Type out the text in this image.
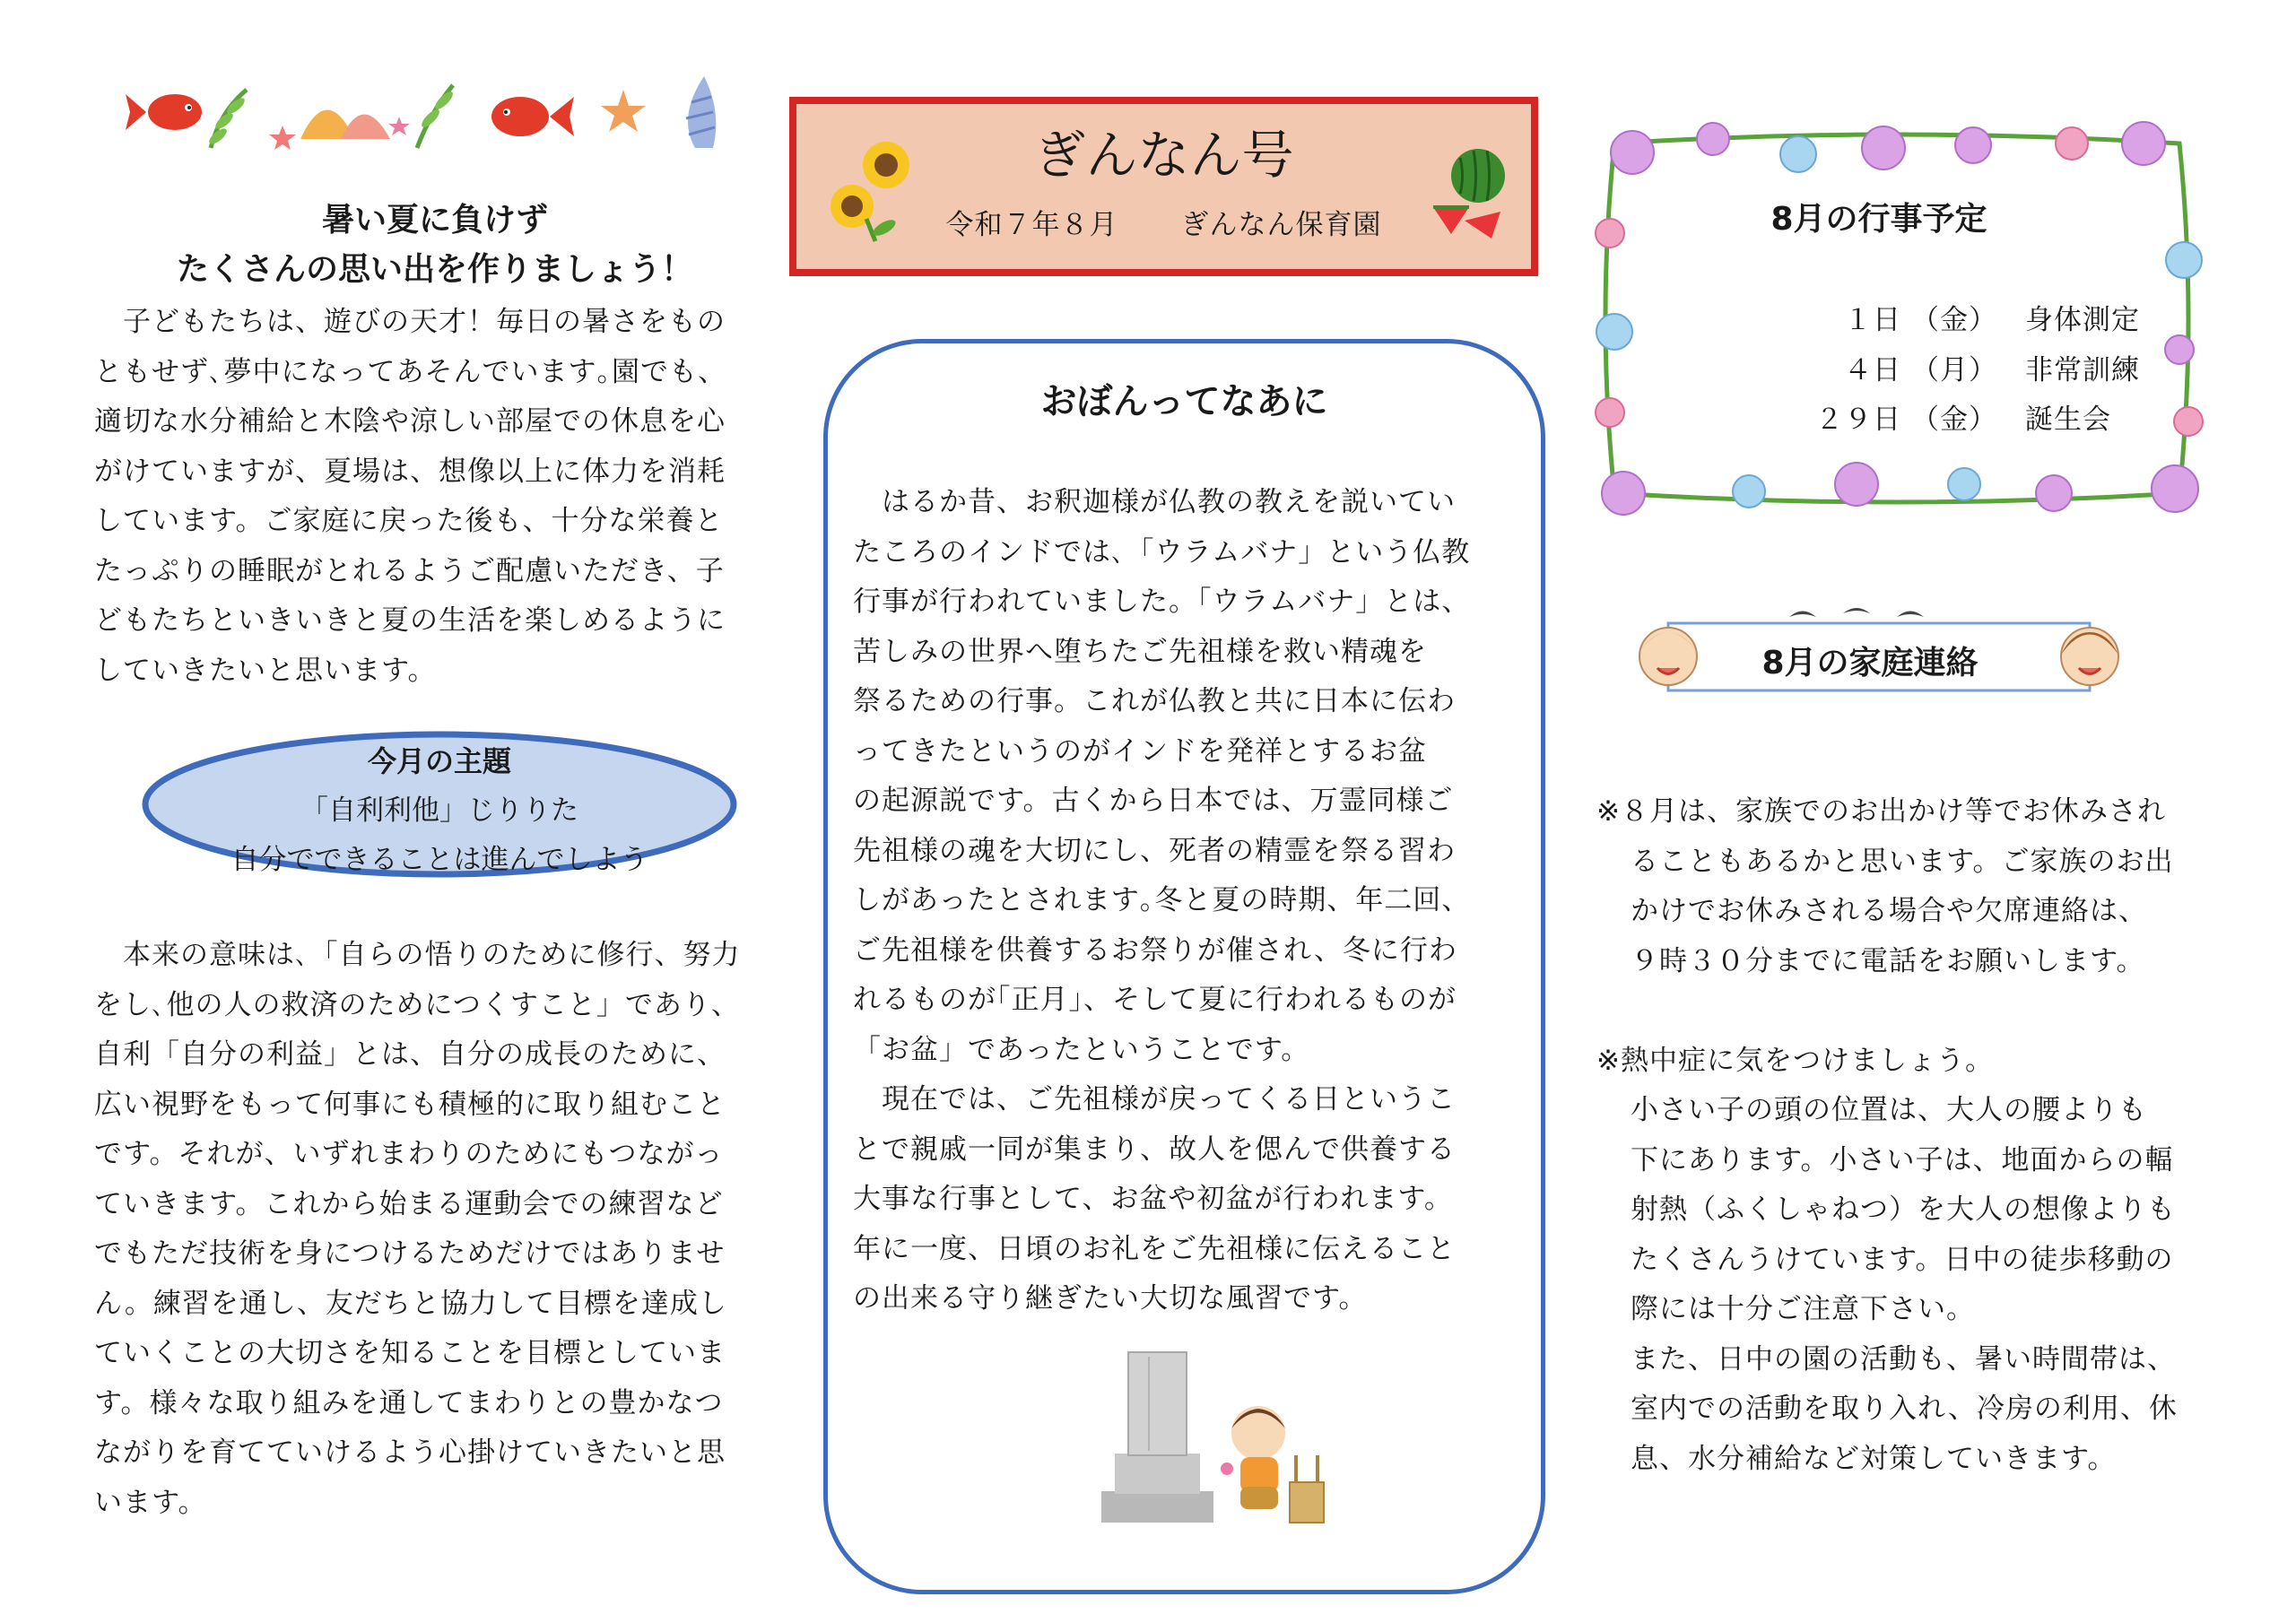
暑い夏に負けず
たくさんの思い出を作りましょう！
　子どもたちは、遊びの天才！毎日の暑さをもの
ともせず､夢中になってあそんでいます｡園でも、
適切な水分補給と木陰や涼しい部屋での休息を心
がけていますが、夏場は、想像以上に体力を消耗
しています。ご家庭に戻った後も、十分な栄養と
たっぷりの睡眠がとれるようご配慮いただき、子
どもたちといきいきと夏の生活を楽しめるように
していきたいと思います。
今月の主題
「自利利他」じりりた
自分でできることは進んでしよう
　本来の意味は､「自らの悟りのために修行、努力
をし､他の人の救済のためにつくすこと」であり、
自利「自分の利益」とは、自分の成長のために、
広い視野をもって何事にも積極的に取り組むこと
です。それが、いずれまわりのためにもつながっ
ていきます。これから始まる運動会での練習など
でもただ技術を身につけるためだけではありませ
ん。練習を通し、友だちと協力して目標を達成し
ていくことの大切さを知ることを目標としていま
す。様々な取り組みを通してまわりとの豊かなつ
ながりを育てていけるよう心掛けていきたいと思
います。
ぎんなん号
令和７年８月 ぎんなん保育園
おぼんってなあに
　はるか昔、お釈迦様が仏教の教えを説いてい
たころのインドでは､「ウラムバナ」という仏教
行事が行われていました｡「ウラムバナ」とは、
苦しみの世界へ堕ちたご先祖様を救い精魂を
祭るための行事。これが仏教と共に日本に伝わ
ってきたというのがインドを発祥とするお盆
の起源説です。古くから日本では、万霊同様ご
先祖様の魂を大切にし、死者の精霊を祭る習わ
しがあったとされます｡冬と夏の時期、年二回、
ご先祖様を供養するお祭りが催され、冬に行わ
れるものが｢正月｣、そして夏に行われるものが
「お盆」であったということです。
　現在では、ご先祖様が戻ってくる日というこ
とで親戚一同が集まり、故人を偲んで供養する
大事な行事として、お盆や初盆が行われます。
年に一度、日頃のお礼をご先祖様に伝えること
の出来る守り継ぎたい大切な風習です。
8月の行事予定
１日 （金）	身体測定
４日 （月）	非常訓練
２９日 （金）	誕生会
8月の家庭連絡
※８月は、家族でのお出かけ等でお休みされ
ることもあるかと思います。ご家族のお出
かけでお休みされる場合や欠席連絡は、
９時３０分までに電話をお願いします。

※熱中症に気をつけましょう。
小さい子の頭の位置は、大人の腰よりも
下にあります。小さい子は、地面からの輻
射熱（ふくしゃねつ）を大人の想像よりも
たくさんうけています。日中の徒歩移動の
際には十分ご注意下さい。
また、日中の園の活動も、暑い時間帯は、
室内での活動を取り入れ、冷房の利用、休
息、水分補給など対策していきます。
